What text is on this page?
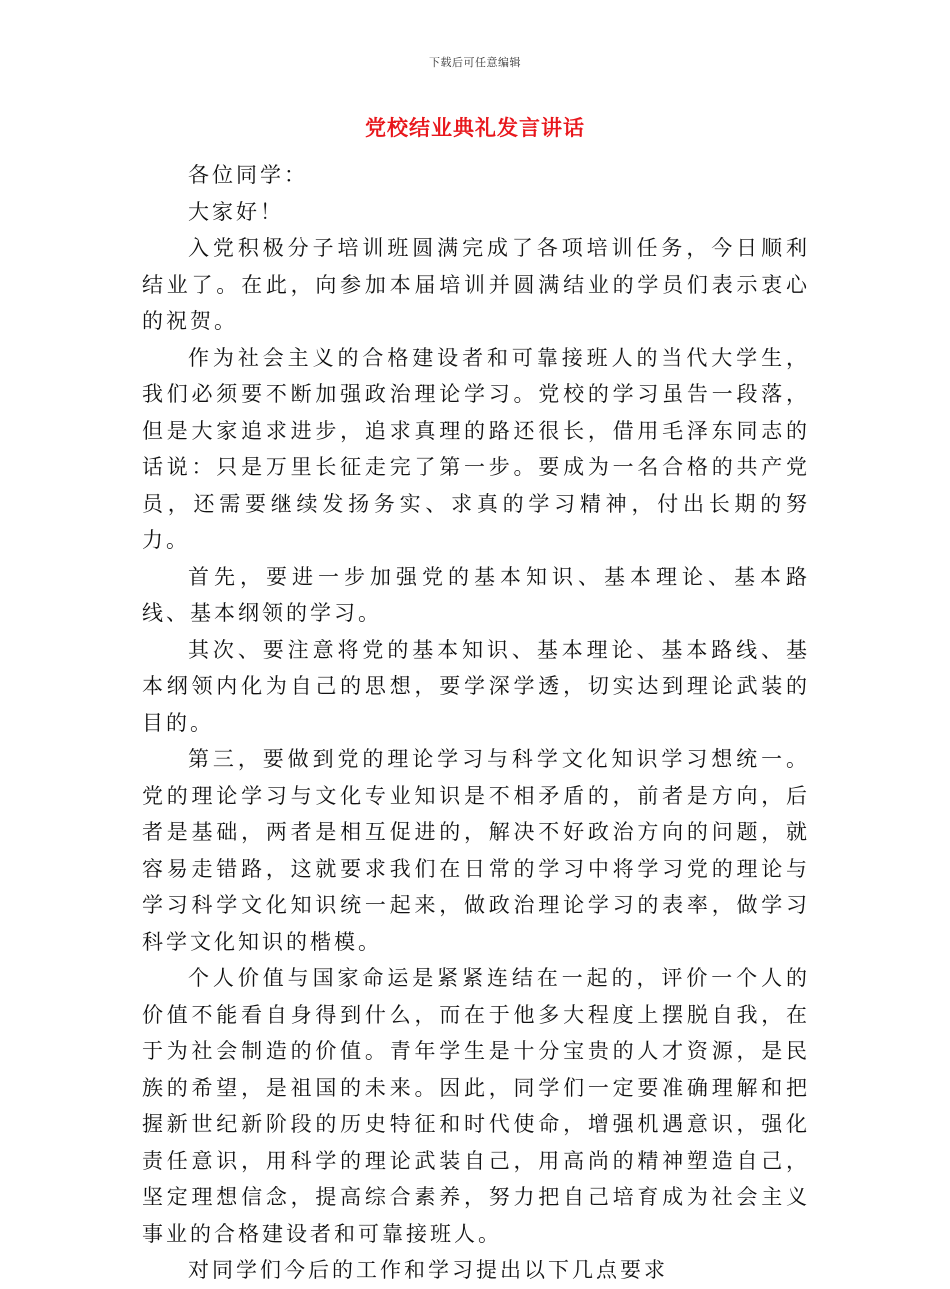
下载后可任意编辑
党校结业典礼发言讲话

各位同学：

大家好！

入党积极分子培训班圆满完成了各项培训任务，今日顺利结业了。在此，向参加本届培训并圆满结业的学员们表示衷心的祝贺。

作为社会主义的合格建设者和可靠接班人的当代大学生，我们必须要不断加强政治理论学习。党校的学习虽告一段落，但是大家追求进步，追求真理的路还很长，借用毛泽东同志的话说：只是万里长征走完了第一步。要成为一名合格的共产党员，还需要继续发扬务实、求真的学习精神，付出长期的努力。

首先，要进一步加强党的基本知识、基本理论、基本路线、基本纲领的学习。

其次、要注意将党的基本知识、基本理论、基本路线、基本纲领内化为自己的思想，要学深学透，切实达到理论武装的目的。

第三，要做到党的理论学习与科学文化知识学习想统一。党的理论学习与文化专业知识是不相矛盾的，前者是方向，后者是基础，两者是相互促进的，解决不好政治方向的问题，就容易走错路，这就要求我们在日常的学习中将学习党的理论与学习科学文化知识统一起来，做政治理论学习的表率，做学习科学文化知识的楷模。

个人价值与国家命运是紧紧连结在一起的，评价一个人的价值不能看自身得到什么，而在于他多大程度上摆脱自我，在于为社会制造的价值。青年学生是十分宝贵的人才资源，是民族的希望，是祖国的未来。因此，同学们一定要准确理解和把握新世纪新阶段的历史特征和时代使命，增强机遇意识，强化责任意识，用科学的理论武装自己，用高尚的精神塑造自己，坚定理想信念，提高综合素养，努力把自己培育成为社会主义事业的合格建设者和可靠接班人。

对同学们今后的工作和学习提出以下几点要求
